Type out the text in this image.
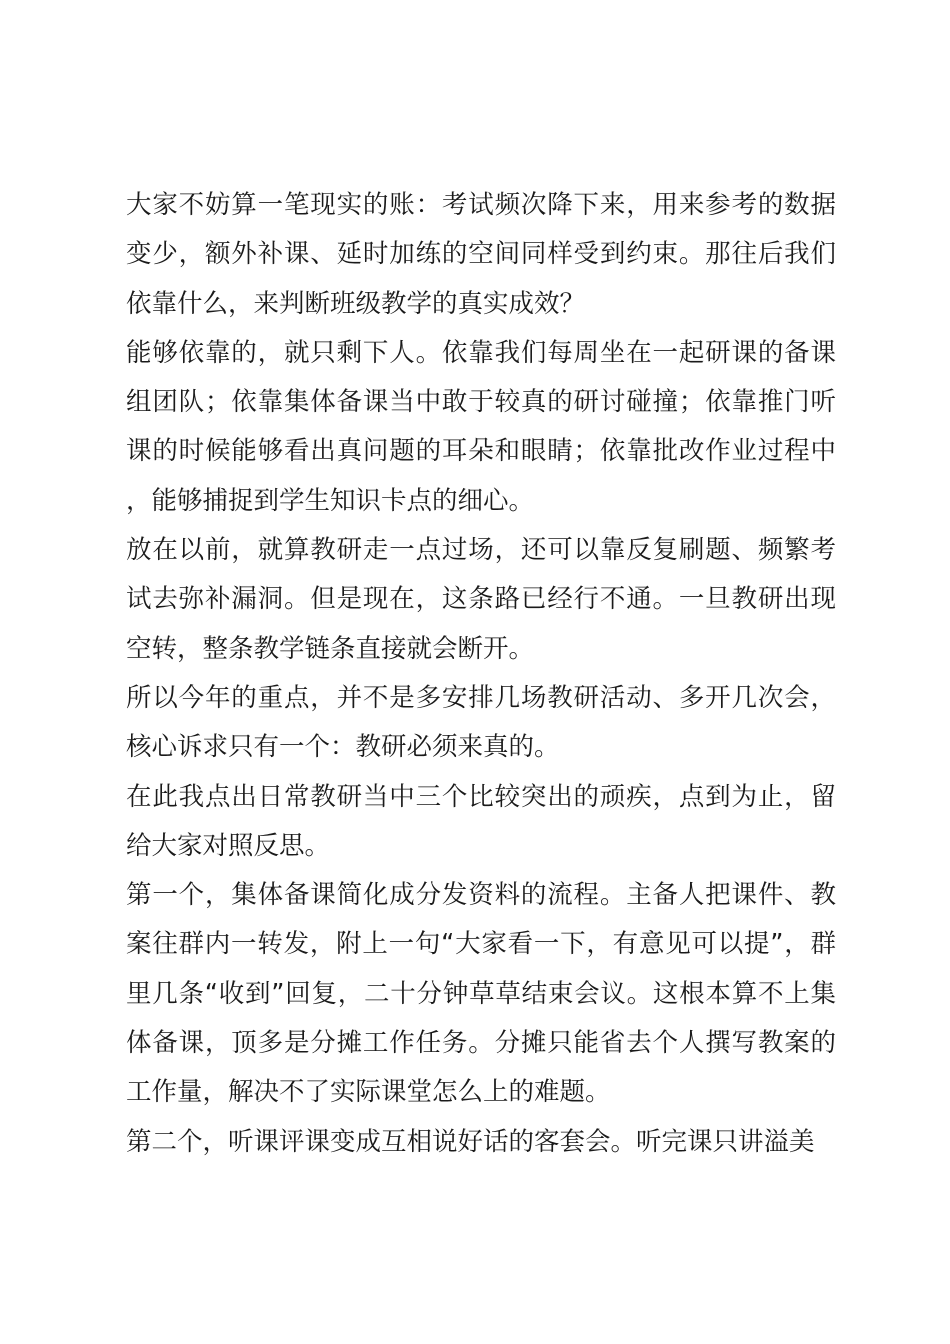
大家不妨算一笔现实的账：考试频次降下来，用来参考的数据变少，额外补课、延时加练的空间同样受到约束。那往后我们依靠什么，来判断班级教学的真实成效？

能够依靠的，就只剩下人。依靠我们每周坐在一起研课的备课组团队；依靠集体备课当中敢于较真的研讨碰撞；依靠推门听课的时候能够看出真问题的耳朵和眼睛；依靠批改作业过程中，能够捕捉到学生知识卡点的细心。

放在以前，就算教研走一点过场，还可以靠反复刷题、频繁考试去弥补漏洞。但是现在，这条路已经行不通。一旦教研出现空转，整条教学链条直接就会断开。

所以今年的重点，并不是多安排几场教研活动、多开几次会，核心诉求只有一个：教研必须来真的。

在此我点出日常教研当中三个比较突出的顽疾，点到为止，留给大家对照反思。

第一个，集体备课简化成分发资料的流程。主备人把课件、教案往群内一转发，附上一句“大家看一下，有意见可以提”，群里几条“收到”回复，二十分钟草草结束会议。这根本算不上集体备课，顶多是分摊工作任务。分摊只能省去个人撰写教案的工作量，解决不了实际课堂怎么上的难题。

第二个，听课评课变成互相说好话的客套会。听完课只讲溢美
